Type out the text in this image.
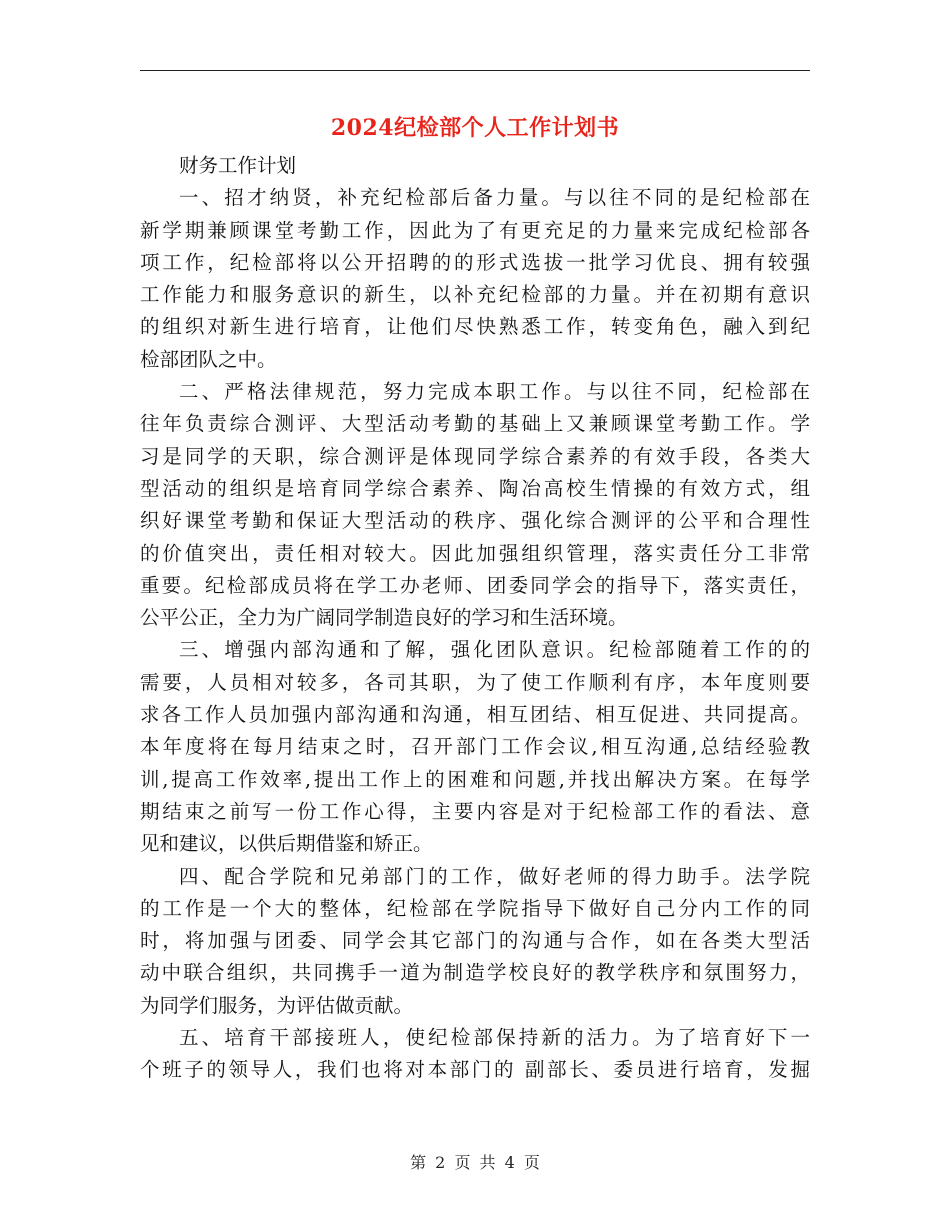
2024纪检部个人工作计划书
财务工作计划
一、招才纳贤，补充纪检部后备力量。与以往不同的是纪检部在
新学期兼顾课堂考勤工作，因此为了有更充足的力量来完成纪检部各
项工作，纪检部将以公开招聘的的形式选拔一批学习优良、拥有较强
工作能力和服务意识的新生，以补充纪检部的力量。并在初期有意识
的组织对新生进行培育，让他们尽快熟悉工作，转变角色，融入到纪
检部团队之中。
二、严格法律规范，努力完成本职工作。与以往不同，纪检部在
往年负责综合测评、大型活动考勤的基础上又兼顾课堂考勤工作。学
习是同学的天职，综合测评是体现同学综合素养的有效手段，各类大
型活动的组织是培育同学综合素养、陶冶高校生情操的有效方式，组
织好课堂考勤和保证大型活动的秩序、强化综合测评的公平和合理性
的价值突出，责任相对较大。因此加强组织管理，落实责任分工非常
重要。纪检部成员将在学工办老师、团委同学会的指导下，落实责任，
公平公正，全力为广阔同学制造良好的学习和生活环境。
三、增强内部沟通和了解，强化团队意识。纪检部随着工作的的
需要，人员相对较多，各司其职，为了使工作顺利有序，本年度则要
求各工作人员加强内部沟通和沟通，相互团结、相互促进、共同提高。
本年度将在每月结束之时，召开部门工作会议,相互沟通,总结经验教
训,提高工作效率,提出工作上的困难和问题,并找出解决方案。在每学
期结束之前写一份工作心得，主要内容是对于纪检部工作的看法、意
见和建议，以供后期借鉴和矫正。
四、配合学院和兄弟部门的工作，做好老师的得力助手。法学院
的工作是一个大的整体，纪检部在学院指导下做好自己分内工作的同
时，将加强与团委、同学会其它部门的沟通与合作，如在各类大型活
动中联合组织，共同携手一道为制造学校良好的教学秩序和氛围努力，
为同学们服务，为评估做贡献。
五、培育干部接班人，使纪检部保持新的活力。为了培育好下一
个班子的领导人，我们也将对本部门的 副部长、委员进行培育，发掘
第 2 页 共 4 页
